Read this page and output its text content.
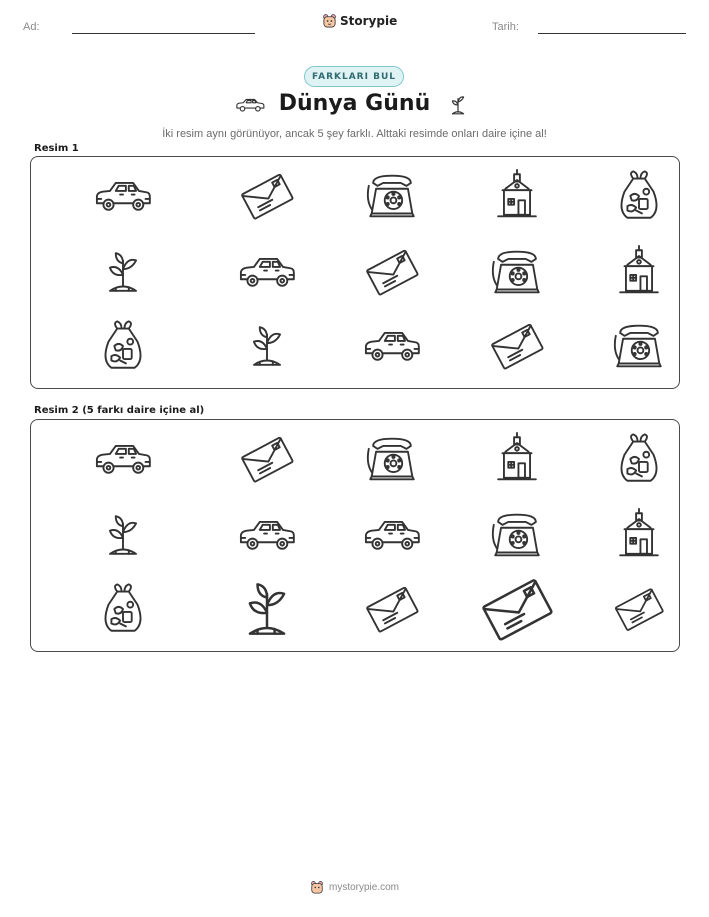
Ad:	Storypie	Tarih:
FARKLARI BUL
Dünya Günü
İki resim aynı görünüyor, ancak 5 şey farklı. Alttaki resimde onları daire içine al!
Resim 1
Resim 2 (5 farkı daire içine al)
mystorypie.com
